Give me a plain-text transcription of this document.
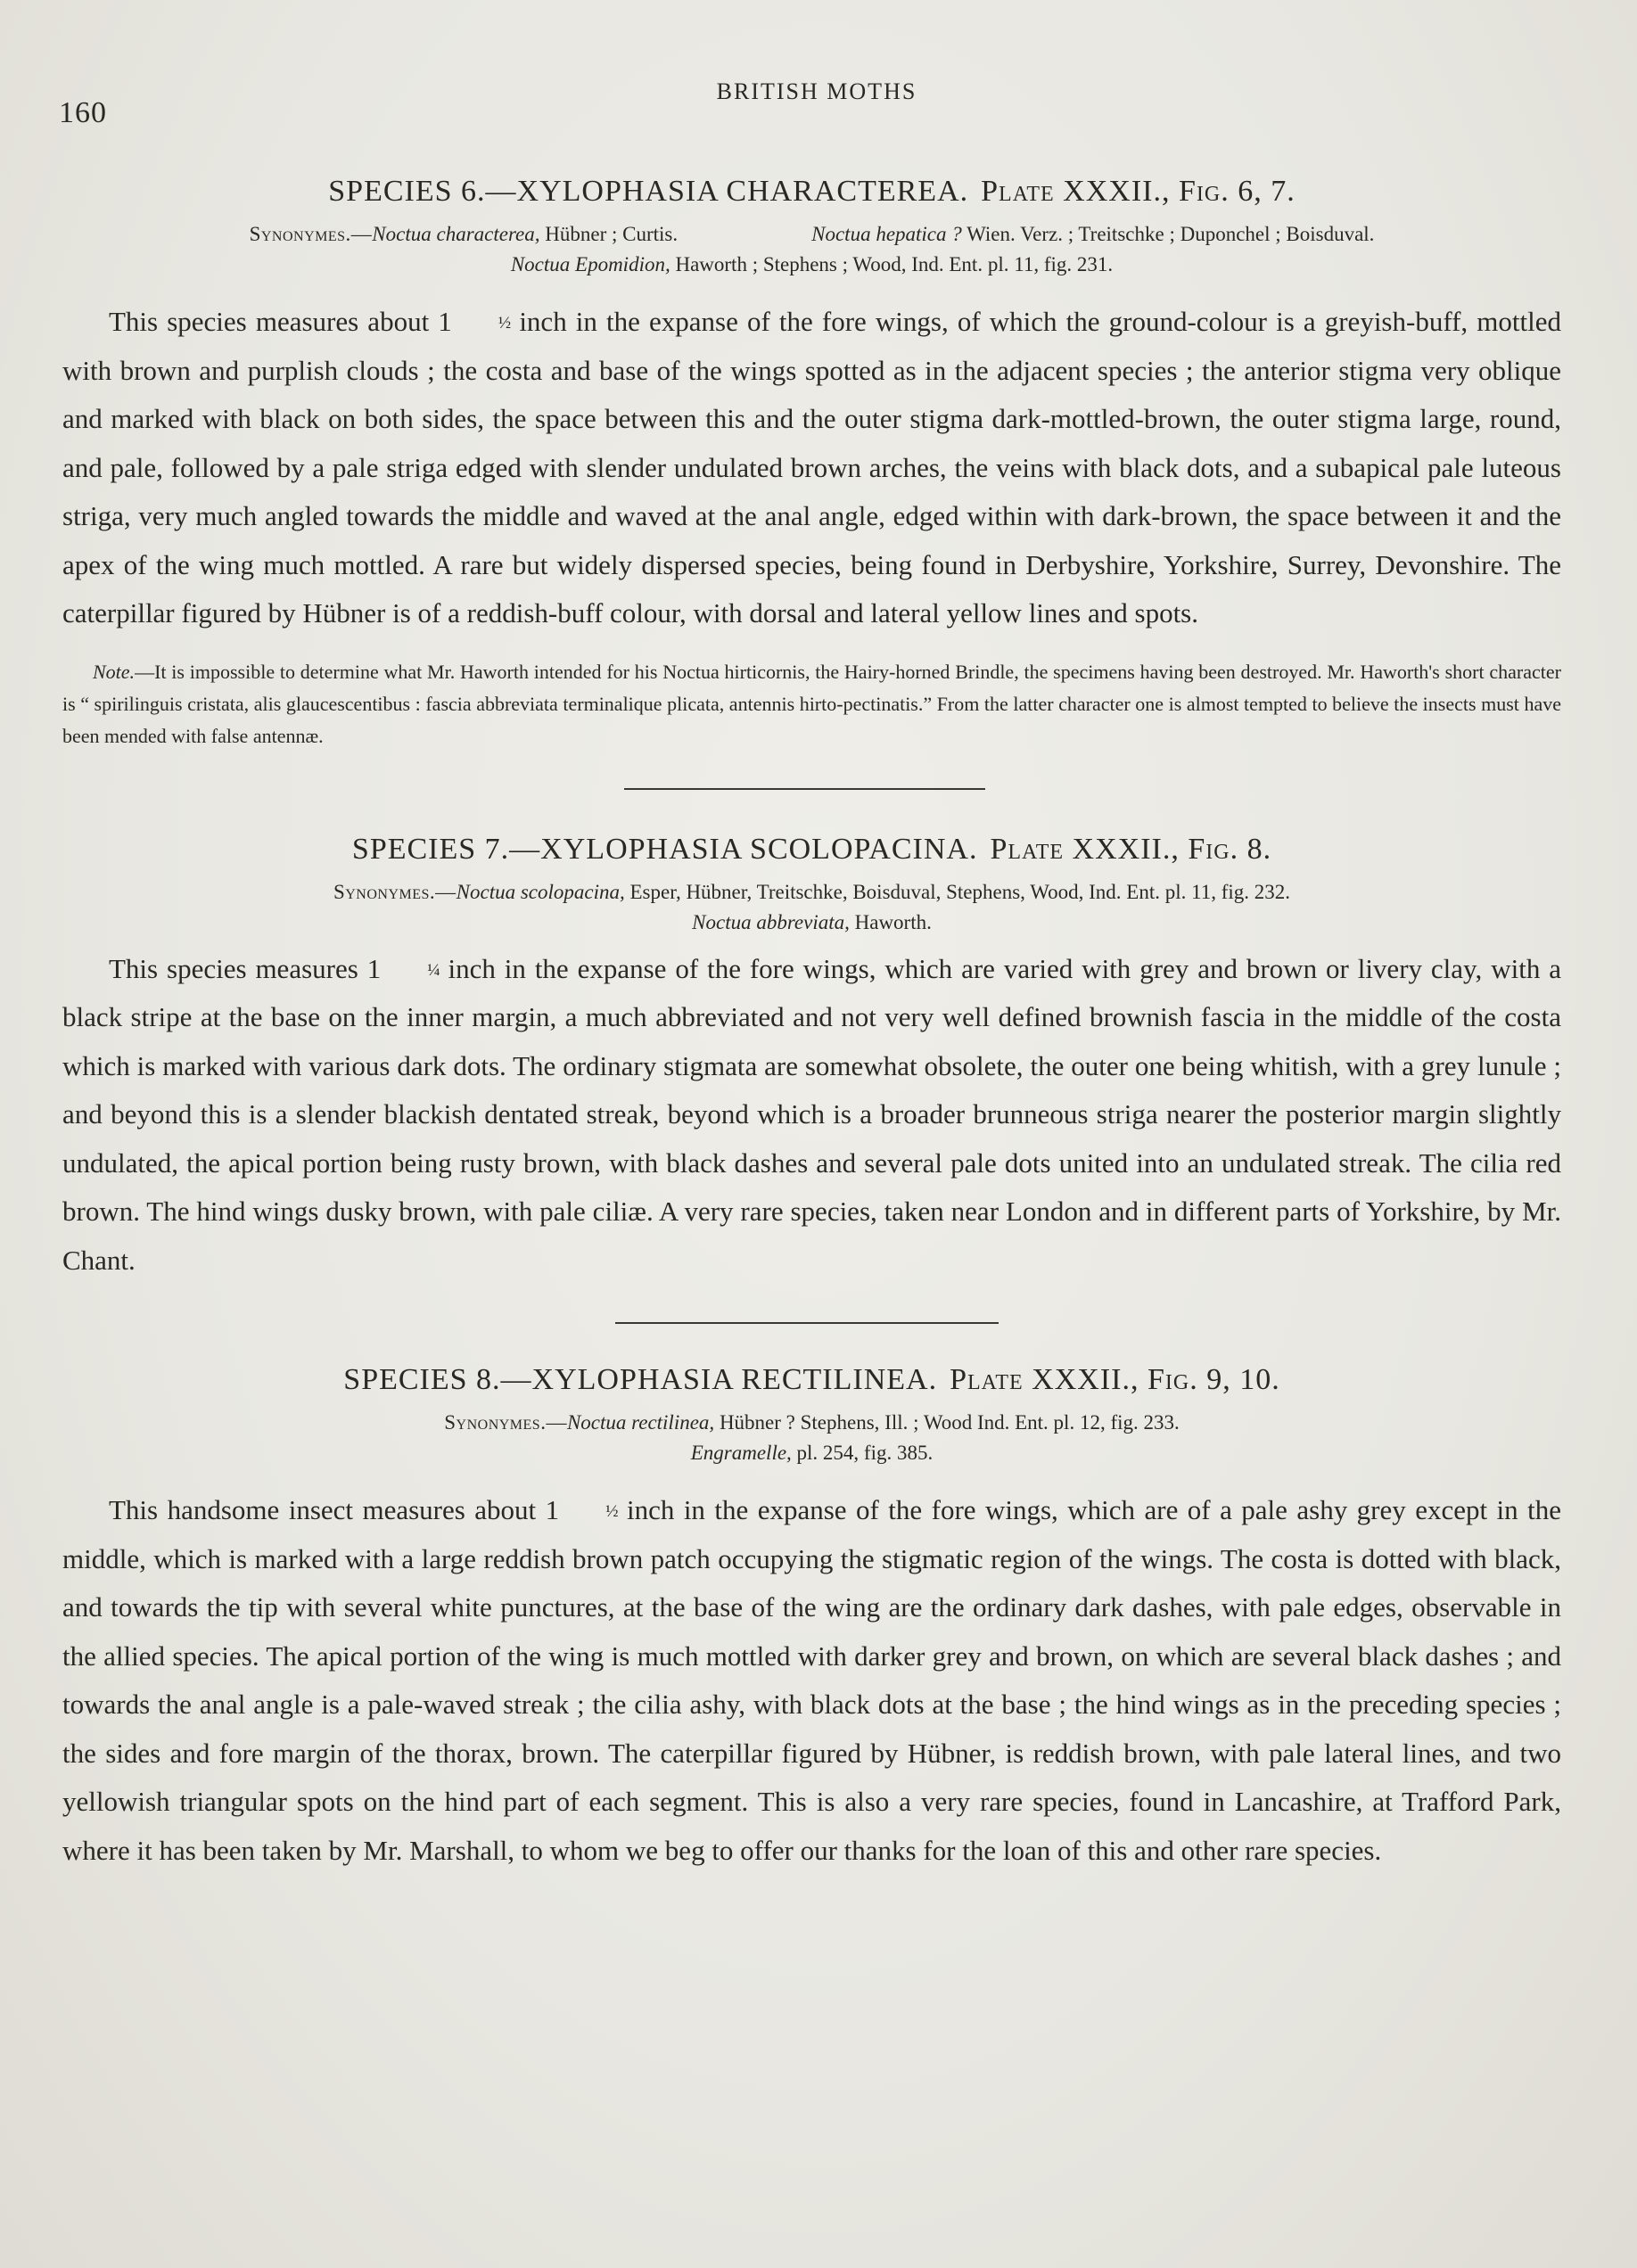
160
BRITISH MOTHS
SPECIES 6.—XYLOPHASIA CHARACTEREA. Plate XXXII., Fig. 6, 7.
Synonymes.—Noctua characterea, Hübner ; Curtis.	Noctua hepatica ? Wien. Verz. ; Treitschke ; Duponchel ; Boisduval.
Noctua Epomidion, Haworth ; Stephens ; Wood, Ind. Ent. pl. 11, fig. 231.

This species measures about 1	½ inch in the expanse of the fore wings, of which the ground-colour is a greyish-buff, mottled with brown and purplish clouds ; the costa and base of the wings spotted as in the adjacent species ; the anterior stigma very oblique and marked with black on both sides, the space between this and the outer stigma dark-mottled-brown, the outer stigma large, round, and pale, followed by a pale striga edged with slender undulated brown arches, the veins with black dots, and a subapical pale luteous striga, very much angled towards the middle and waved at the anal angle, edged within with dark-brown, the space between it and the apex of the wing much mottled. A rare but widely dispersed species, being found in Derbyshire, Yorkshire, Surrey, Devonshire. The caterpillar figured by Hübner is of a reddish-buff colour, with dorsal and lateral yellow lines and spots.

Note.—It is impossible to determine what Mr. Haworth intended for his Noctua hirticornis, the Hairy-horned Brindle, the specimens having been destroyed. Mr. Haworth's short character is “ spirilinguis cristata, alis glaucescentibus : fascia abbreviata terminalique plicata, antennis hirto-pectinatis.” From the latter character one is almost tempted to believe the insects must have been mended with false antennæ.

SPECIES 7.—XYLOPHASIA SCOLOPACINA. Plate XXXII., Fig. 8.
Synonymes.—Noctua scolopacina, Esper, Hübner, Treitschke, Boisduval, Stephens, Wood, Ind. Ent. pl. 11, fig. 232.
Noctua abbreviata, Haworth.

This species measures 1	¼ inch in the expanse of the fore wings, which are varied with grey and brown or livery clay, with a black stripe at the base on the inner margin, a much abbreviated and not very well defined brownish fascia in the middle of the costa which is marked with various dark dots. The ordinary stigmata are somewhat obsolete, the outer one being whitish, with a grey lunule ; and beyond this is a slender blackish dentated streak, beyond which is a broader brunneous striga nearer the posterior margin slightly undulated, the apical portion being rusty brown, with black dashes and several pale dots united into an undulated streak. The cilia red brown. The hind wings dusky brown, with pale ciliæ. A very rare species, taken near London and in different parts of Yorkshire, by Mr. Chant.

SPECIES 8.—XYLOPHASIA RECTILINEA. Plate XXXII., Fig. 9, 10.
Synonymes.—Noctua rectilinea, Hübner ? Stephens, Ill. ; Wood Ind. Ent. pl. 12, fig. 233.
Engramelle, pl. 254, fig. 385.

This handsome insect measures about 1	½ inch in the expanse of the fore wings, which are of a pale ashy grey except in the middle, which is marked with a large reddish brown patch occupying the stigmatic region of the wings. The costa is dotted with black, and towards the tip with several white punctures, at the base of the wing are the ordinary dark dashes, with pale edges, observable in the allied species. The apical portion of the wing is much mottled with darker grey and brown, on which are several black dashes ; and towards the anal angle is a pale-waved streak ; the cilia ashy, with black dots at the base ; the hind wings as in the preceding species ; the sides and fore margin of the thorax, brown. The caterpillar figured by Hübner, is reddish brown, with pale lateral lines, and two yellowish triangular spots on the hind part of each segment. This is also a very rare species, found in Lancashire, at Trafford Park, where it has been taken by Mr. Marshall, to whom we beg to offer our thanks for the loan of this and other rare species.
